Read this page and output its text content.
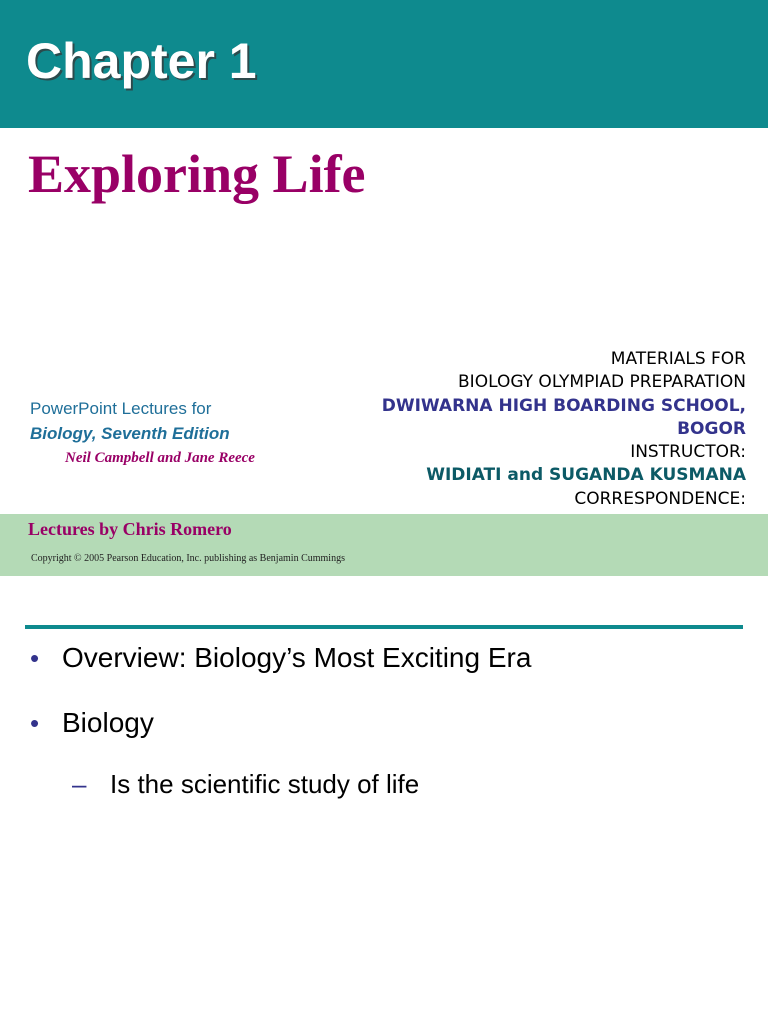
Chapter 1
Exploring Life
MATERIALS FOR
BIOLOGY OLYMPIAD PREPARATION
DWIWARNA HIGH BOARDING SCHOOL,
BOGOR
INSTRUCTOR:
WIDIATI and SUGANDA KUSMANA
CORRESPONDENCE:
PowerPoint Lectures for
Biology, Seventh Edition
Neil Campbell and Jane Reece
Lectures by Chris Romero
Copyright © 2005 Pearson Education, Inc. publishing as Benjamin Cummings
• Overview: Biology’s Most Exciting Era
• Biology
– Is the scientific study of life
